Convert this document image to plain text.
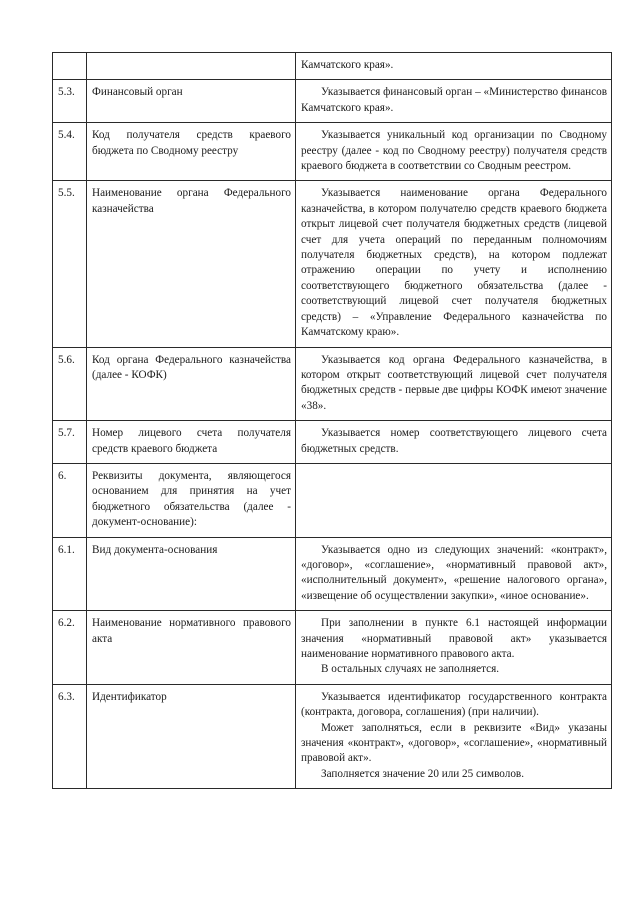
		Камчатского края».

5.3.	Финансовый орган	Указывается финансовый орган – «Министерство финансов Камчатского края».

5.4.	Код получателя средств краевого бюджета по Сводному реестру	Указывается уникальный код организации по Сводному реестру (далее - код по Сводному реестру) получателя средств краевого бюджета в соответствии со Сводным реестром.

5.5.	Наименование органа Федерального казначейства	Указывается наименование органа Федерального казначейства, в котором получателю средств краевого бюджета открыт лицевой счет получателя бюджетных средств (лицевой счет для учета операций по переданным полномочиям получателя бюджетных средств), на котором подлежат отражению операции по учету и исполнению соответствующего бюджетного обязательства (далее - соответствующий лицевой счет получателя бюджетных средств) – «Управление Федерального казначейства по Камчатскому краю».

5.6.	Код органа Федерального казначейства (далее - КОФК)	Указывается код органа Федерального казначейства, в котором открыт соответствующий лицевой счет получателя бюджетных средств - первые две цифры КОФК имеют значение «38».

5.7.	Номер лицевого счета получателя средств краевого бюджета	Указывается номер соответствующего лицевого счета бюджетных средств.

6.	Реквизиты документа, являющегося основанием для принятия на учет бюджетного обязательства (далее - документ-основание):	

6.1.	Вид документа-основания	Указывается одно из следующих значений: «контракт», «договор», «соглашение», «нормативный правовой акт», «исполнительный документ», «решение налогового органа», «извещение об осуществлении закупки», «иное основание».

6.2.	Наименование нормативного правового акта	При заполнении в пункте 6.1 настоящей информации значения «нормативный правовой акт» указывается наименование нормативного правового акта.

В остальных случаях не заполняется.

6.3.	Идентификатор	Указывается идентификатор государственного контракта (контракта, договора, соглашения) (при наличии).

Может заполняться, если в реквизите «Вид» указаны значения «контракт», «договор», «соглашение», «нормативный правовой акт».

Заполняется значение 20 или 25 символов.
